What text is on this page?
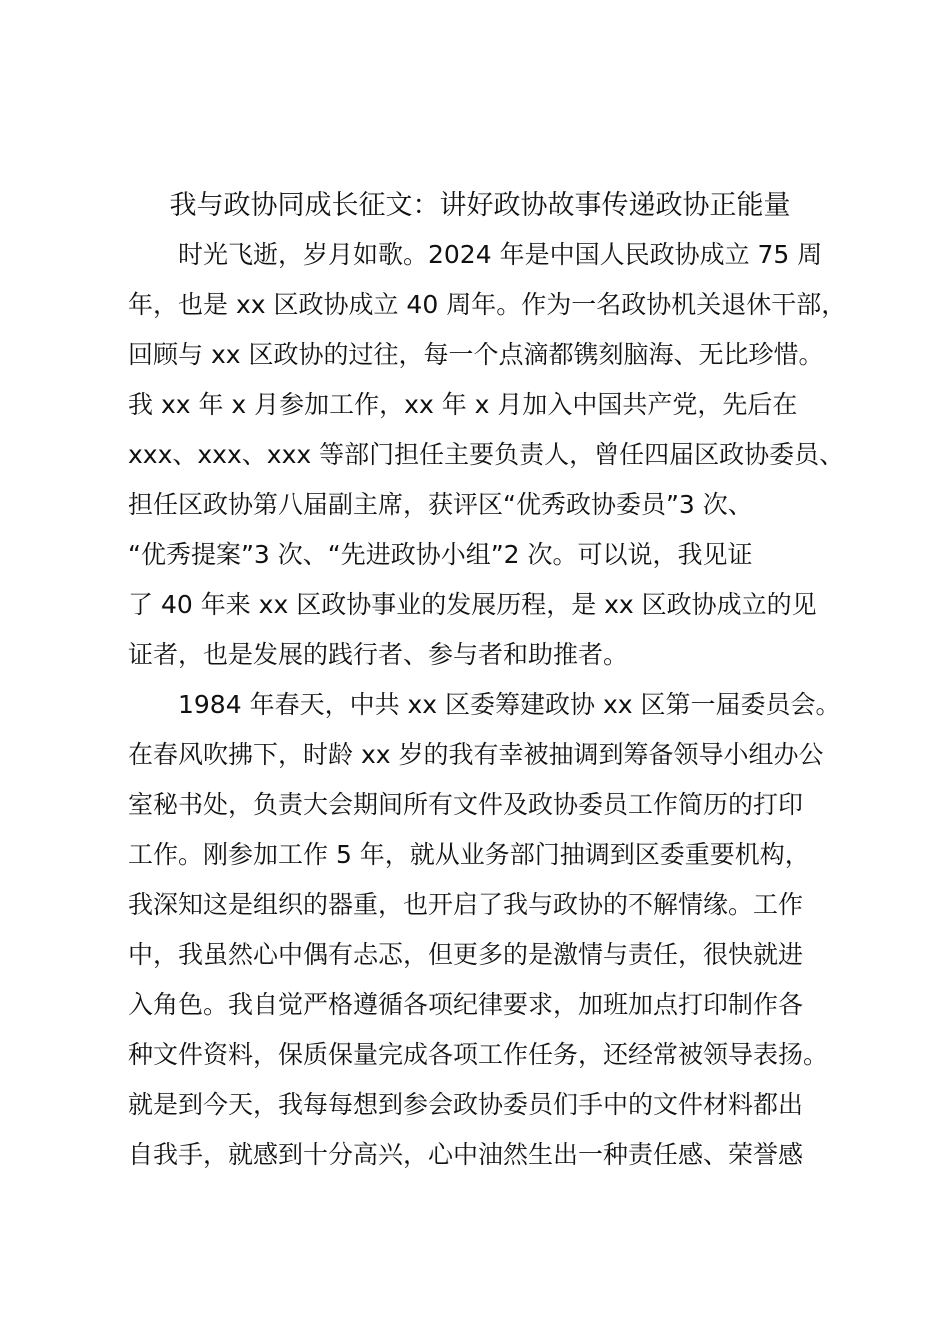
我与政协同成长征文：讲好政协故事传递政协正能量
时光飞逝，岁月如歌。2024 年是中国人民政协成立 75 周
年，也是 xx 区政协成立 40 周年。作为一名政协机关退休干部，
回顾与 xx 区政协的过往，每一个点滴都镌刻脑海、无比珍惜。
我 xx 年 x 月参加工作，xx 年 x 月加入中国共产党，先后在
xxx、xxx、xxx 等部门担任主要负责人，曾任四届区政协委员、
担任区政协第八届副主席，获评区“优秀政协委员”3 次、
“优秀提案”3 次、“先进政协小组”2 次。可以说，我见证
了 40 年来 xx 区政协事业的发展历程，是 xx 区政协成立的见
证者，也是发展的践行者、参与者和助推者。
1984 年春天，中共 xx 区委筹建政协 xx 区第一届委员会。
在春风吹拂下，时龄 xx 岁的我有幸被抽调到筹备领导小组办公
室秘书处，负责大会期间所有文件及政协委员工作简历的打印
工作。刚参加工作 5 年，就从业务部门抽调到区委重要机构，
我深知这是组织的器重，也开启了我与政协的不解情缘。工作
中，我虽然心中偶有忐忑，但更多的是激情与责任，很快就进
入角色。我自觉严格遵循各项纪律要求，加班加点打印制作各
种文件资料，保质保量完成各项工作任务，还经常被领导表扬。
就是到今天，我每每想到参会政协委员们手中的文件材料都出
自我手，就感到十分高兴，心中油然生出一种责任感、荣誉感
